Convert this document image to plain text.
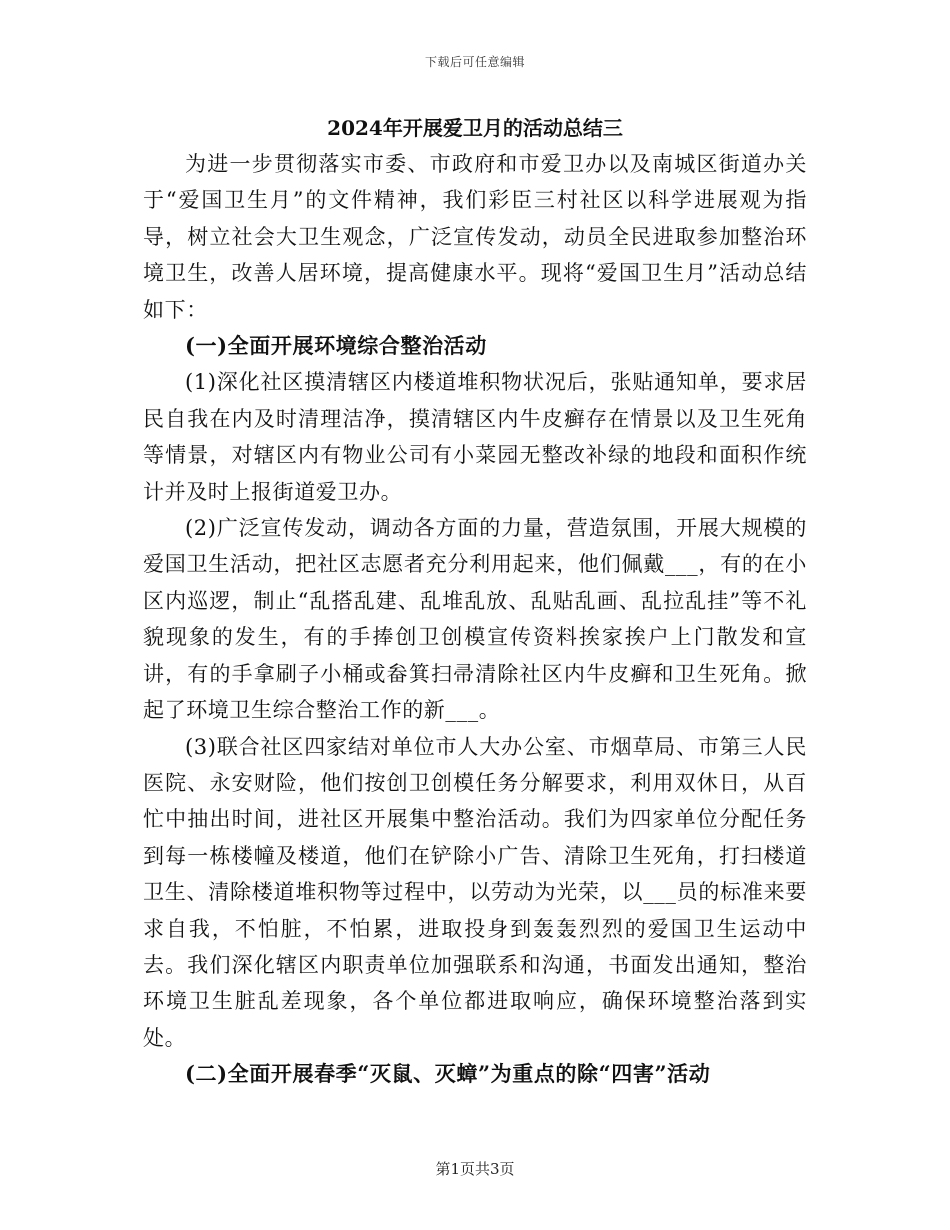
下载后可任意编辑
2024年开展爱卫月的活动总结三

为进一步贯彻落实市委、市政府和市爱卫办以及南城区街道办关于“爱国卫生月”的文件精神，我们彩臣三村社区以科学进展观为指导，树立社会大卫生观念，广泛宣传发动，动员全民进取参加整治环境卫生，改善人居环境，提高健康水平。现将“爱国卫生月”活动总结如下：

(一)全面开展环境综合整治活动

(1)深化社区摸清辖区内楼道堆积物状况后，张贴通知单，要求居民自我在内及时清理洁净，摸清辖区内牛皮癣存在情景以及卫生死角等情景，对辖区内有物业公司有小菜园无整改补绿的地段和面积作统计并及时上报街道爱卫办。

(2)广泛宣传发动，调动各方面的力量，营造氛围，开展大规模的爱国卫生活动，把社区志愿者充分利用起来，他们佩戴___，有的在小区内巡逻，制止“乱搭乱建、乱堆乱放、乱贴乱画、乱拉乱挂”等不礼貌现象的发生，有的手捧创卫创模宣传资料挨家挨户上门散发和宣讲，有的手拿刷子小桶或畚箕扫帚清除社区内牛皮癣和卫生死角。掀起了环境卫生综合整治工作的新___。

(3)联合社区四家结对单位市人大办公室、市烟草局、市第三人民医院、永安财险，他们按创卫创模任务分解要求，利用双休日，从百忙中抽出时间，进社区开展集中整治活动。我们为四家单位分配任务到每一栋楼幢及楼道，他们在铲除小广告、清除卫生死角，打扫楼道卫生、清除楼道堆积物等过程中，以劳动为光荣，以___员的标准来要求自我，不怕脏，不怕累，进取投身到轰轰烈烈的爱国卫生运动中去。我们深化辖区内职责单位加强联系和沟通，书面发出通知，整治环境卫生脏乱差现象，各个单位都进取响应，确保环境整治落到实处。

(二)全面开展春季“灭鼠、灭蟑”为重点的除“四害”活动

第1页共3页
